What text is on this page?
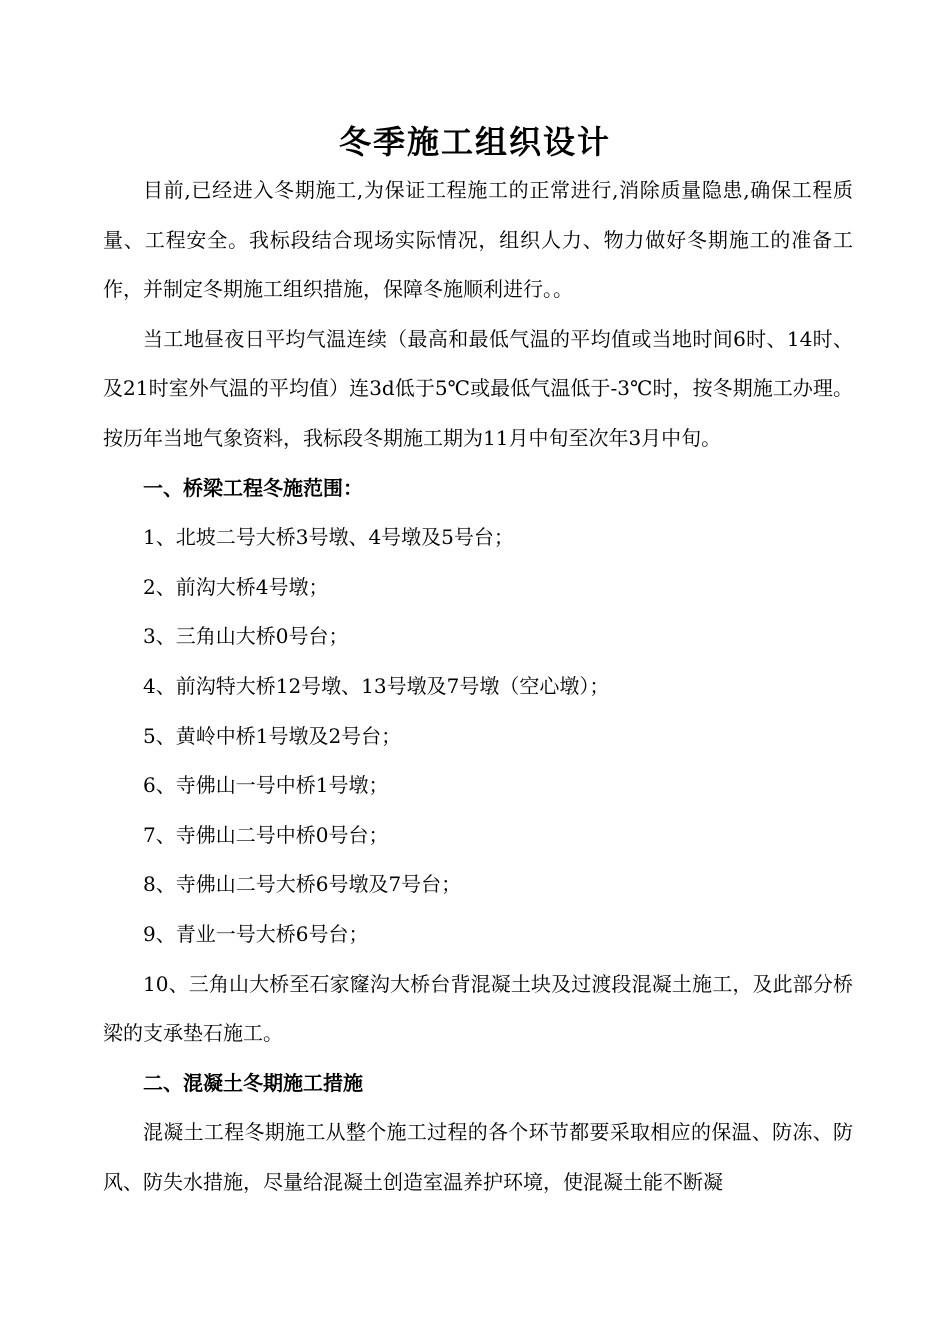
冬季施工组织设计

目前,已经进入冬期施工,为保证工程施工的正常进行,消除质量隐患,确保工程质量、工程安全。我标段结合现场实际情况，组织人力、物力做好冬期施工的准备工作，并制定冬期施工组织措施，保障冬施顺利进行。。

当工地昼夜日平均气温连续（最高和最低气温的平均值或当地时间6时、14时、及21时室外气温的平均值）连3d低于5℃或最低气温低于-3℃时，按冬期施工办理。按历年当地气象资料，我标段冬期施工期为11月中旬至次年3月中旬。

一、桥梁工程冬施范围：

1、北坡二号大桥3号墩、4号墩及5号台；

2、前沟大桥4号墩；

3、三角山大桥0号台；

4、前沟特大桥12号墩、13号墩及7号墩（空心墩）；

5、黄岭中桥1号墩及2号台；

6、寺佛山一号中桥1号墩；

7、寺佛山二号中桥0号台；

8、寺佛山二号大桥6号墩及7号台；

9、青业一号大桥6号台；

10、三角山大桥至石家窿沟大桥台背混凝土块及过渡段混凝土施工，及此部分桥梁的支承垫石施工。

二、混凝土冬期施工措施

混凝土工程冬期施工从整个施工过程的各个环节都要采取相应的保温、防冻、防风、防失水措施，尽量给混凝土创造室温养护环境，使混凝土能不断凝
